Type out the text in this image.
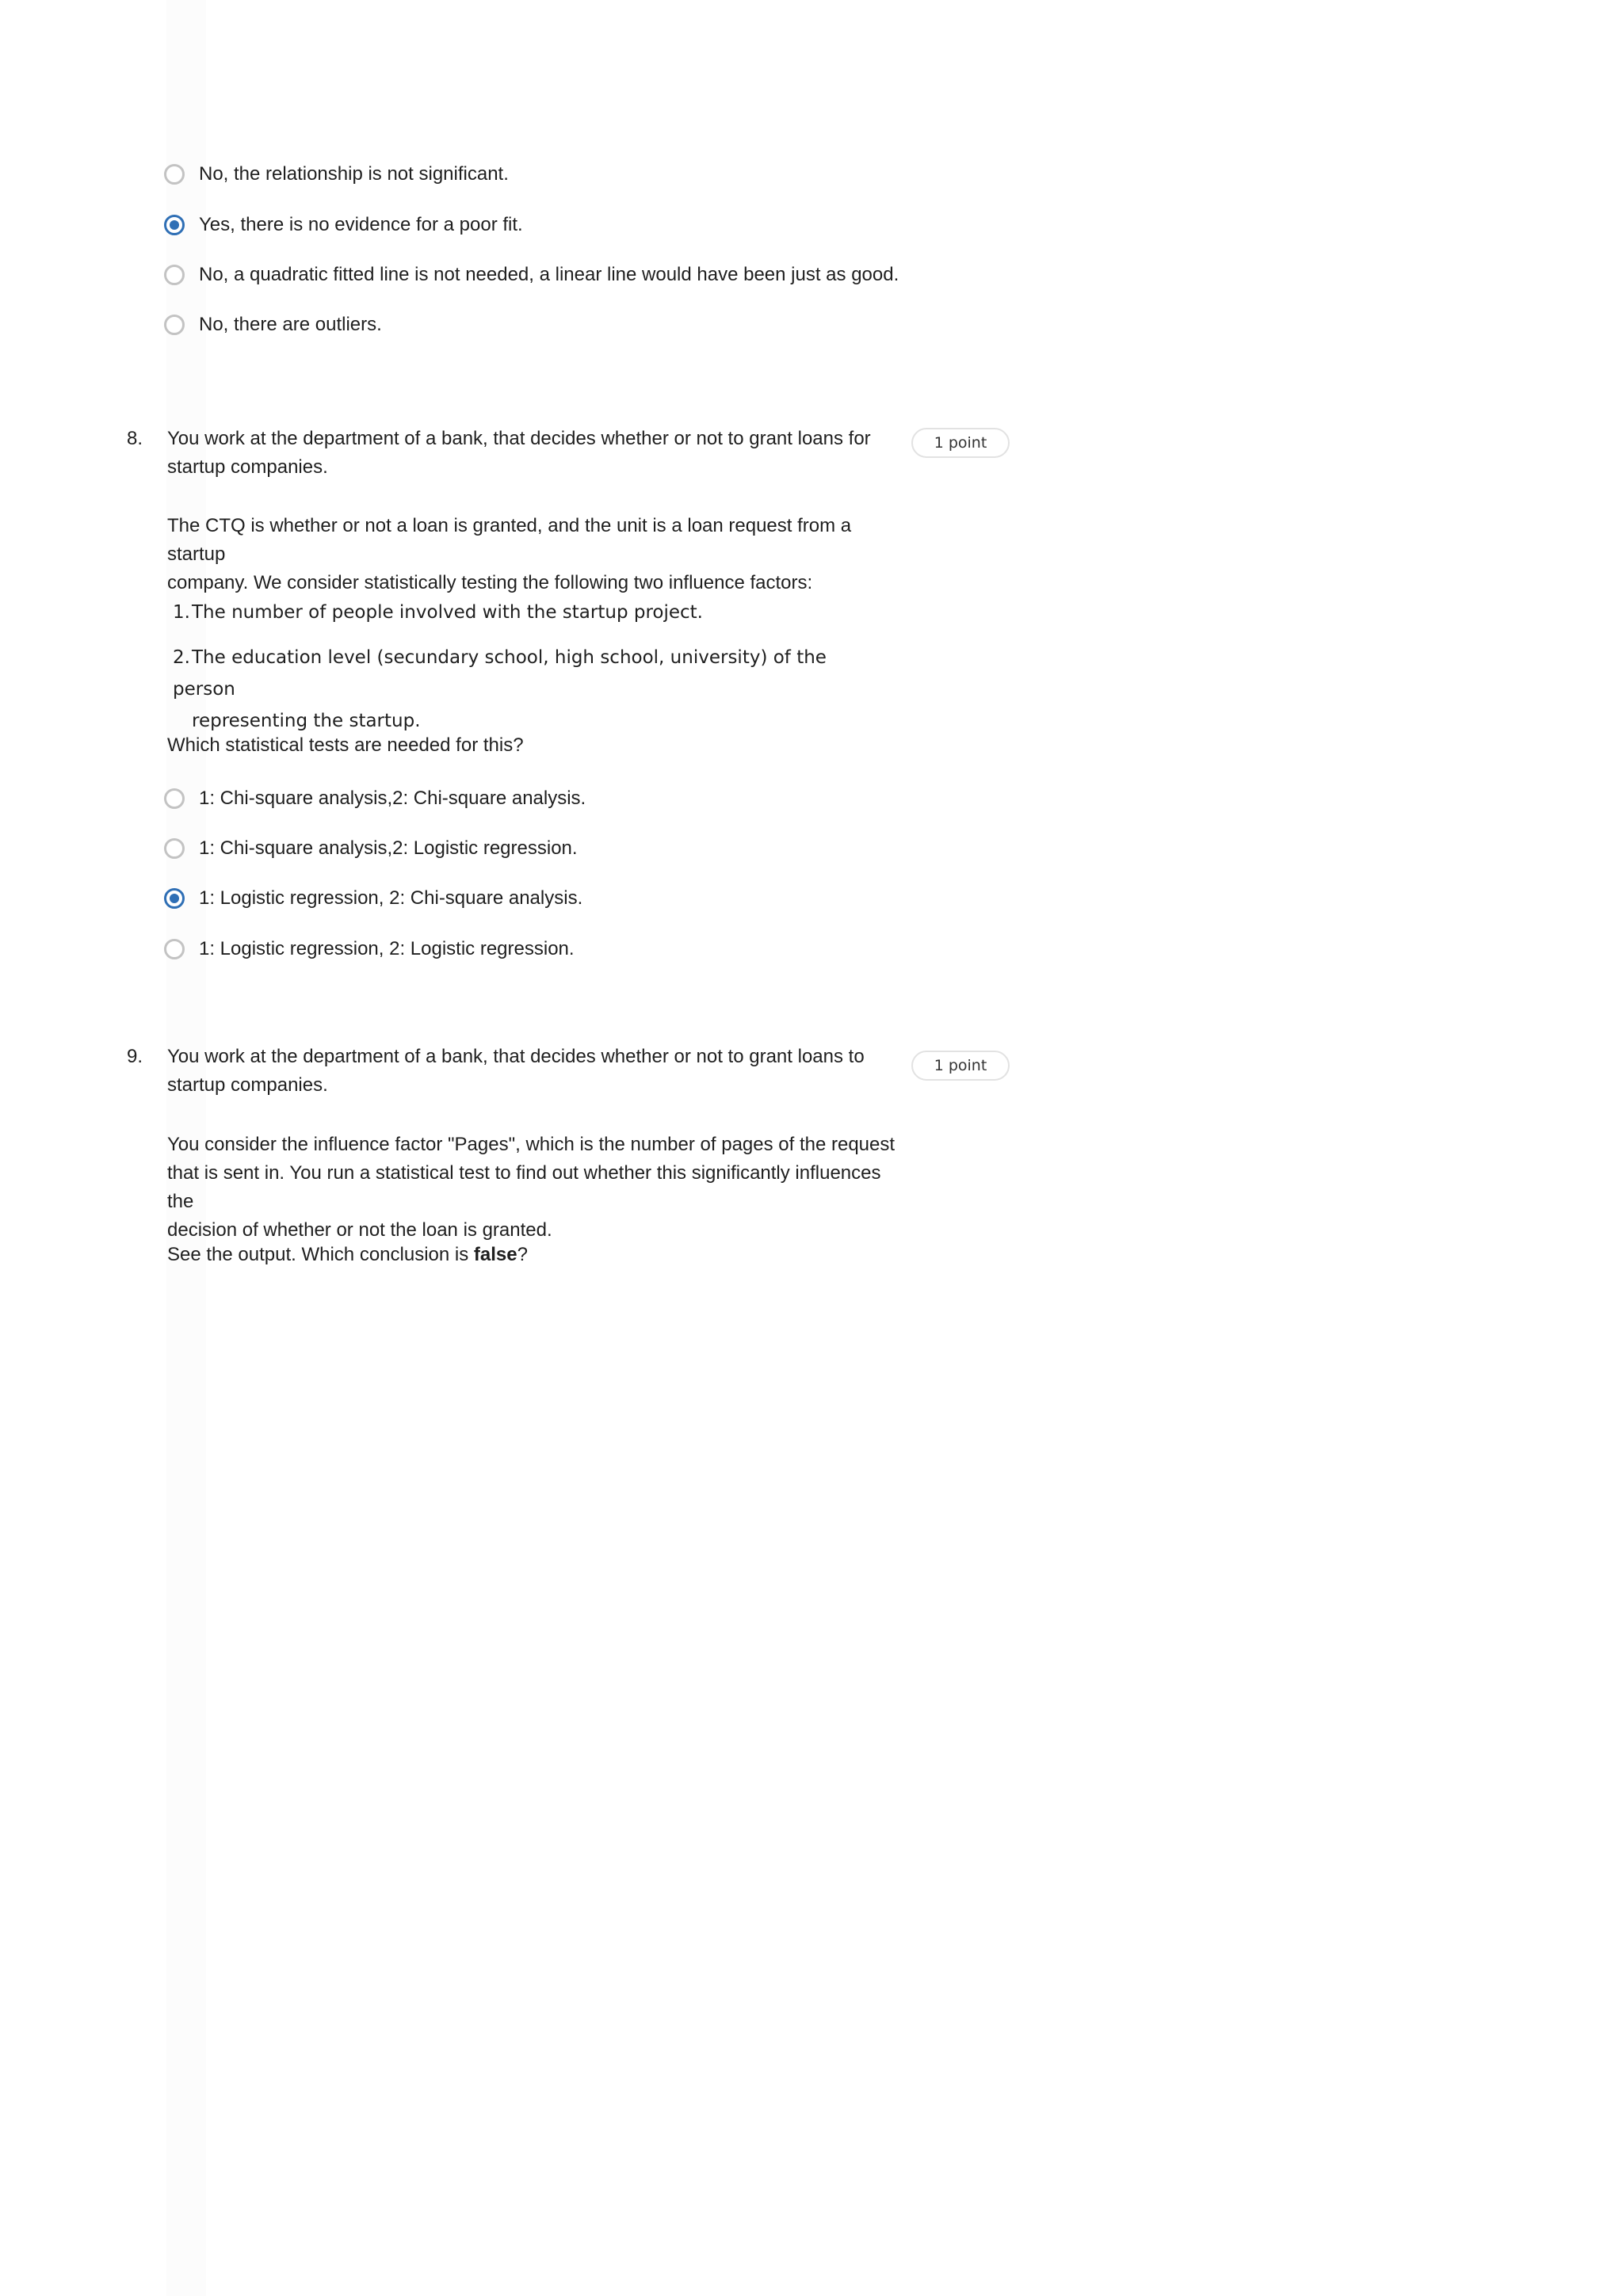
No, the relationship is not significant.
Yes, there is no evidence for a poor fit.
No, a quadratic fitted line is not needed, a linear line would have been just as good.
No, there are outliers.
8. You work at the department of a bank, that decides whether or not to grant loans for
startup companies.

1 point

The CTQ is whether or not a loan is granted, and the unit is a loan request from a startup
company. We consider statistically testing the following two influence factors:

1.The number of people involved with the startup project.
2.The education level (secundary school, high school, university) of the person
representing the startup.

Which statistical tests are needed for this?

1: Chi-square analysis,2: Chi-square analysis.
1: Chi-square analysis,2: Logistic regression.
1: Logistic regression, 2: Chi-square analysis.
1: Logistic regression, 2: Logistic regression.
9. You work at the department of a bank, that decides whether or not to grant loans to
startup companies.

1 point

You consider the influence factor "Pages", which is the number of pages of the request
that is sent in. You run a statistical test to find out whether this significantly influences the
decision of whether or not the loan is granted.

See the output. Which conclusion is false?
